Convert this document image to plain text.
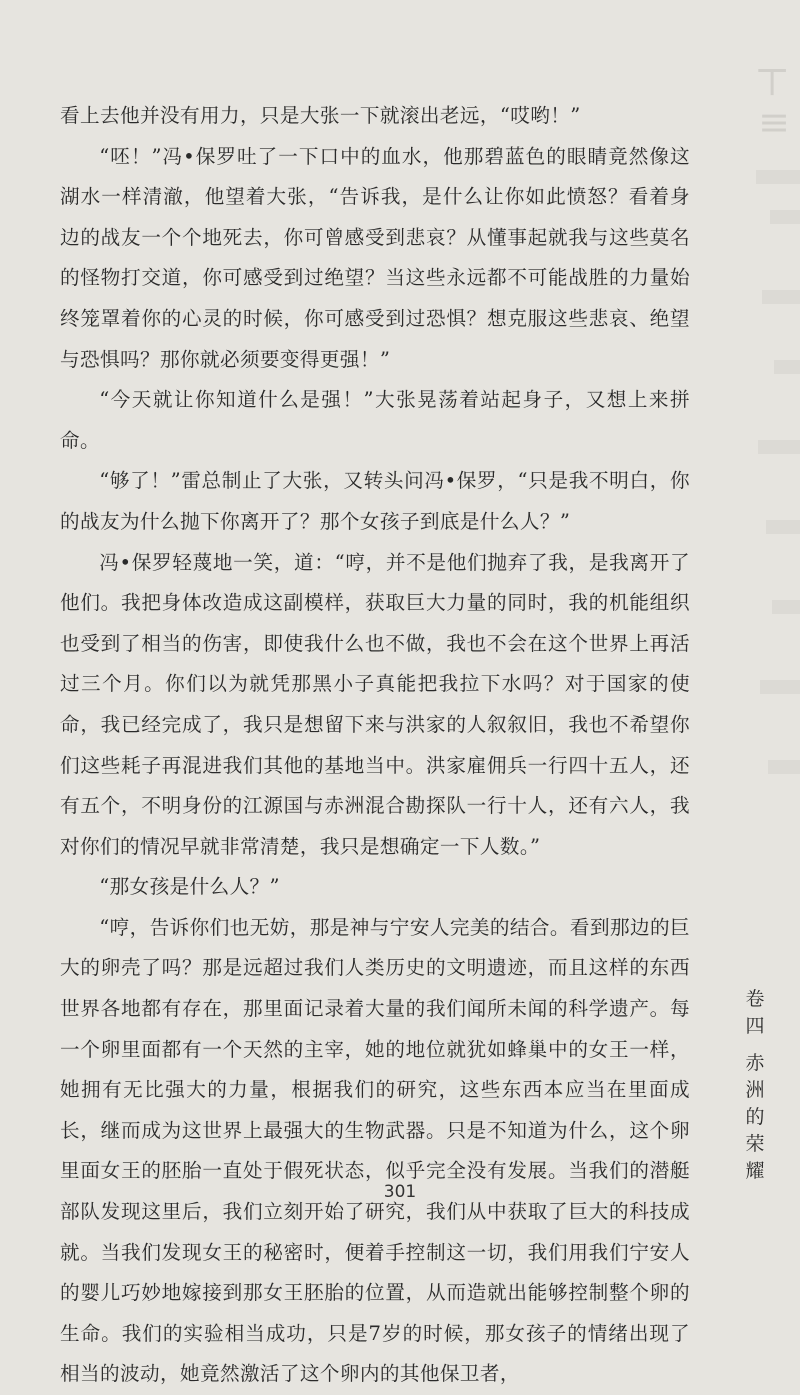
⊤
≡

看上去他并没有用力，只是大张一下就滚出老远，“哎哟！”

“呸！”冯•保罗吐了一下口中的血水，他那碧蓝色的眼睛竟然像这湖水一样清澈，他望着大张，“告诉我，是什么让你如此愤怒？看着身边的战友一个个地死去，你可曾感受到悲哀？从懂事起就我与这些莫名的怪物打交道，你可感受到过绝望？当这些永远都不可能战胜的力量始终笼罩着你的心灵的时候，你可感受到过恐惧？想克服这些悲哀、绝望与恐惧吗？那你就必须要变得更强！”

“今天就让你知道什么是强！”大张晃荡着站起身子，又想上来拼命。

“够了！”雷总制止了大张，又转头问冯•保罗，“只是我不明白，你的战友为什么抛下你离开了？那个女孩子到底是什么人？”

冯•保罗轻蔑地一笑，道：“哼，并不是他们抛弃了我，是我离开了他们。我把身体改造成这副模样，获取巨大力量的同时，我的机能组织也受到了相当的伤害，即使我什么也不做，我也不会在这个世界上再活过三个月。你们以为就凭那黑小子真能把我拉下水吗？对于国家的使命，我已经完成了，我只是想留下来与洪家的人叙叙旧，我也不希望你们这些耗子再混进我们其他的基地当中。洪家雇佣兵一行四十五人，还有五个，不明身份的江源国与赤洲混合勘探队一行十人，还有六人，我对你们的情况早就非常清楚，我只是想确定一下人数。”

“那女孩是什么人？”

“哼，告诉你们也无妨，那是神与宁安人完美的结合。看到那边的巨大的卵壳了吗？那是远超过我们人类历史的文明遗迹，而且这样的东西世界各地都有存在，那里面记录着大量的我们闻所未闻的科学遗产。每一个卵里面都有一个天然的主宰，她的地位就犹如蜂巢中的女王一样，她拥有无比强大的力量，根据我们的研究，这些东西本应当在里面成长，继而成为这世界上最强大的生物武器。只是不知道为什么，这个卵里面女王的胚胎一直处于假死状态，似乎完全没有发展。当我们的潜艇部队发现这里后，我们立刻开始了研究，我们从中获取了巨大的科技成就。当我们发现女王的秘密时，便着手控制这一切，我们用我们宁安人的婴儿巧妙地嫁接到那女王胚胎的位置，从而造就出能够控制整个卵的生命。我们的实验相当成功，只是7岁的时候，那女孩子的情绪出现了相当的波动，她竟然激活了这个卵内的其他保卫者，

卷
四
赤
洲
的
荣
耀
301
